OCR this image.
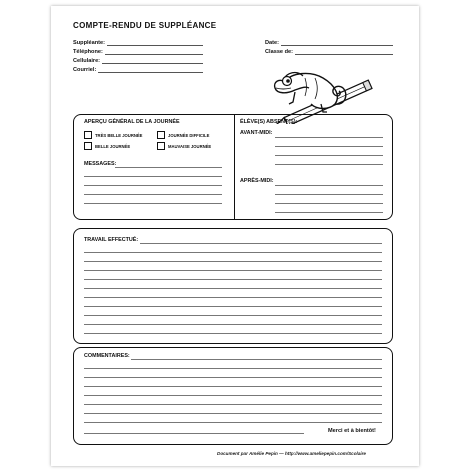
COMPTE-RENDU DE SUPPLÉANCE
Suppléante:
Téléphone:
Cellulaire:
Courriel:
Date:
Classe de:
APERÇU GÉNÉRAL DE LA JOURNÉE
TRÈS BELLE JOURNÉE	JOURNÉE DIFFICILE
BELLE JOURNÉE	MAUVAISE JOURNÉE
MESSAGES:
ÉLÈVE(S) ABSENT(S):
AVANT-MIDI:
APRÈS-MIDI:
TRAVAIL EFFECTUÉ:
COMMENTAIRES:
Merci et à bientôt!
Document par Amélie Pepin — http://www.ameliepepin.com/Scolaire
